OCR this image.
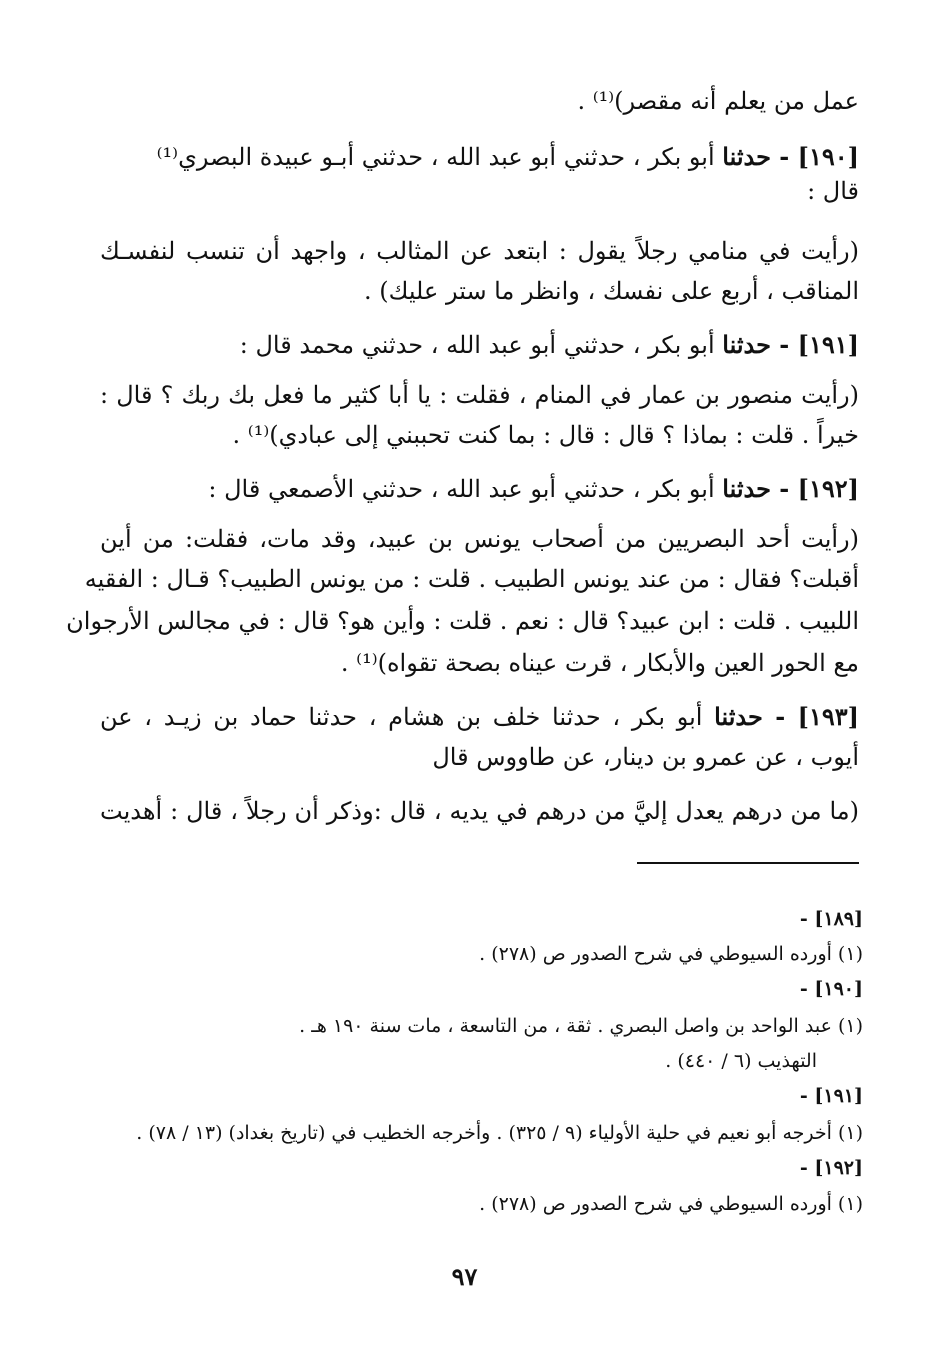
عمل من يعلم أنه مقصر)⁽¹⁾ .
[١٩٠] - حدثنا أبو بكر ، حدثني أبو عبد الله ، حدثني أبـو عبيدة البصري⁽¹⁾
قال :
(رأيت في منامي رجلاً يقول : ابتعد عن المثالب ، واجهد أن تنسب لنفسـك
المناقب ، أربع على نفسك ، وانظر ما ستر عليك) .
[١٩١] - حدثنا أبو بكر ، حدثني أبو عبد الله ، حدثني محمد قال :
(رأيت منصور بن عمار في المنام ، فقلت : يا أبا كثير ما فعل بك ربك ؟ قال :
خيراً . قلت : بماذا ؟ قال : قال : بما كنت تحببني إلى عبادي)⁽¹⁾ .
[١٩٢] - حدثنا أبو بكر ، حدثني أبو عبد الله ، حدثني الأصمعي قال :
(رأيت أحد البصريين من أصحاب يونس بن عبيد، وقد مات، فقلت: من أين
أقبلت؟ فقال : من عند يونس الطبيب . قلت : من يونس الطبيب؟ قـال : الفقيه
اللبيب . قلت : ابن عبيد؟ قال : نعم . قلت : وأين هو؟ قال : في مجالس الأرجوان
مع الحور العين والأبكار ، قرت عيناه بصحة تقواه)⁽¹⁾ .
[١٩٣] - حدثنا أبو بكر ، حدثنا خلف بن هشام ، حدثنا حماد بن زيـد ، عن
أيوب ، عن عمرو بن دينار، عن طاووس قال
(ما من درهم يعدل إليَّ من درهم في يديه ، قال :وذكر أن رجلاً ، قال : أهديت
[١٨٩] -
(١) أورده السيوطي في شرح الصدور ص (٢٧٨) .
[١٩٠] -
(١) عبد الواحد بن واصل البصري . ثقة ، من التاسعة ، مات سنة ١٩٠ هـ .
التهذيب (٦ / ٤٤٠) .
[١٩١] -
(١) أخرجه أبو نعيم في حلية الأولياء (٩ / ٣٢٥) . وأخرجه الخطيب في (تاريخ بغداد) (١٣ / ٧٨) .
[١٩٢] -
(١) أورده السيوطي في شرح الصدور ص (٢٧٨) .
٩٧
